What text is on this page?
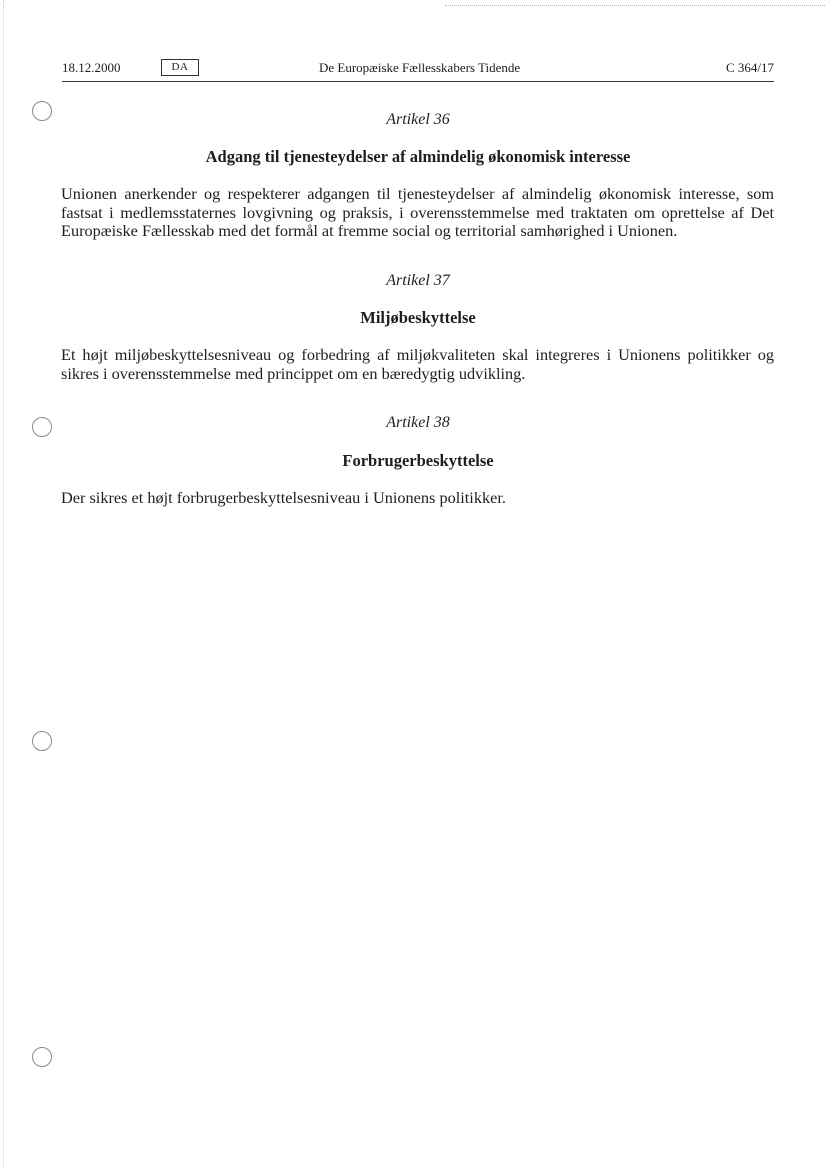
18.12.2000	DA	De Europæiske Fællesskabers Tidende	C 364/17
Artikel 36
Adgang til tjenesteydelser af almindelig økonomisk interesse

Unionen anerkender og respekterer adgangen til tjenesteydelser af almindelig økonomisk interesse, som fastsat i medlemsstaternes lovgivning og praksis, i overensstemmelse med traktaten om oprettelse af Det Europæiske Fællesskab med det formål at fremme social og territorial samhørighed i Unionen.

Artikel 37
Miljøbeskyttelse

Et højt miljøbeskyttelsesniveau og forbedring af miljøkvaliteten skal integreres i Unionens politikker og sikres i overensstemmelse med princippet om en bæredygtig udvikling.

Artikel 38
Forbrugerbeskyttelse

Der sikres et højt forbrugerbeskyttelsesniveau i Unionens politikker.
